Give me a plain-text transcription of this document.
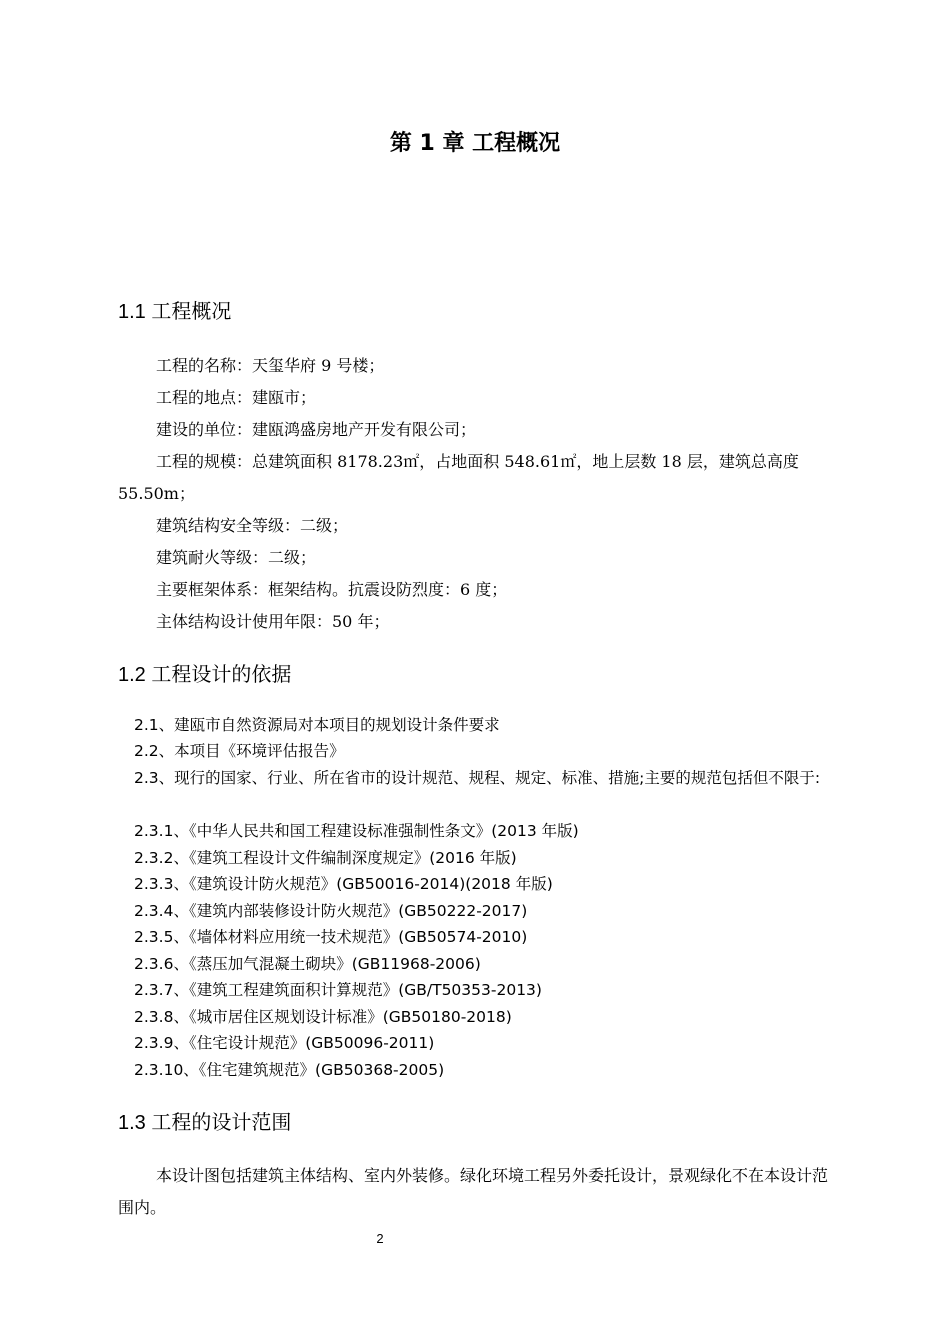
第 1 章 工程概况
1.1 工程概况
工程的名称：天玺华府 9 号楼；
工程的地点：建瓯市；
建设的单位：建瓯鸿盛房地产开发有限公司；
工程的规模：总建筑面积 8178.23㎡，占地面积 548.61㎡，地上层数 18 层，建筑总高度 55.50m；
建筑结构安全等级：二级；
建筑耐火等级：二级；
主要框架体系：框架结构。抗震设防烈度：6 度；
主体结构设计使用年限：50 年；
1.2 工程设计的依据
2.1、建瓯市自然资源局对本项目的规划设计条件要求
2.2、本项目《环境评估报告》
2.3、现行的国家、行业、所在省市的设计规范、规程、规定、标准、措施;主要的规范包括但不限于:
2.3.1、《中华人民共和国工程建设标准强制性条文》(2013 年版)
2.3.2、《建筑工程设计文件编制深度规定》(2016 年版)
2.3.3、《建筑设计防火规范》(GB50016-2014)(2018 年版)
2.3.4、《建筑内部装修设计防火规范》(GB50222-2017)
2.3.5、《墙体材料应用统一技术规范》(GB50574-2010)
2.3.6、《蒸压加气混凝土砌块》(GB11968-2006)
2.3.7、《建筑工程建筑面积计算规范》(GB/T50353-2013)
2.3.8、《城市居住区规划设计标准》(GB50180-2018)
2.3.9、《住宅设计规范》(GB50096-2011)
2.3.10、《住宅建筑规范》(GB50368-2005)
1.3 工程的设计范围
本设计图包括建筑主体结构、室内外装修。绿化环境工程另外委托设计，景观绿化不在本设计范围内。
2
